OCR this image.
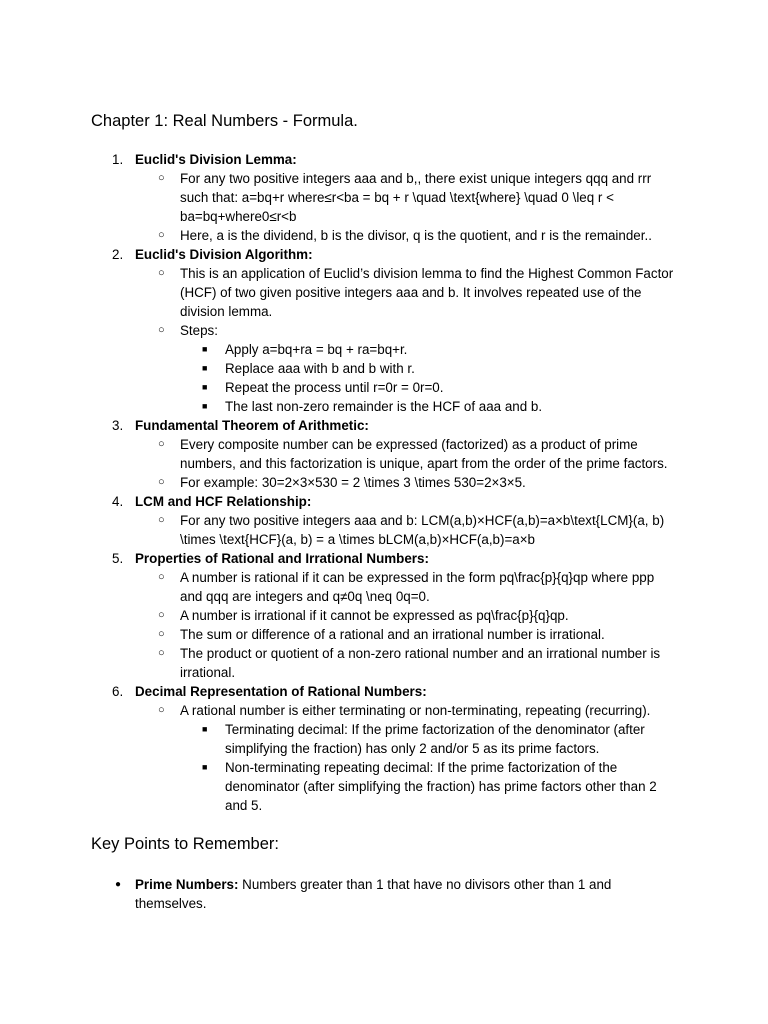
Chapter 1: Real Numbers - Formula.
1. Euclid's Division Lemma:
○ For any two positive integers aaa and b,, there exist unique integers qqq and rrr such that: a=bq+r where≤r<ba = bq + r \quad \text{where} \quad 0 \leq r < ba=bq+where0≤r<b
○ Here, a is the dividend, b is the divisor, q is the quotient, and r is the remainder..
2. Euclid's Division Algorithm:
○ This is an application of Euclid’s division lemma to find the Highest Common Factor (HCF) of two given positive integers aaa and b. It involves repeated use of the division lemma.
○ Steps:
■ Apply a=bq+ra = bq + ra=bq+r.
■ Replace aaa with b and b with r.
■ Repeat the process until r=0r = 0r=0.
■ The last non-zero remainder is the HCF of aaa and b.
3. Fundamental Theorem of Arithmetic:
○ Every composite number can be expressed (factorized) as a product of prime numbers, and this factorization is unique, apart from the order of the prime factors.
○ For example: 30=2×3×530 = 2 \times 3 \times 530=2×3×5.
4. LCM and HCF Relationship:
○ For any two positive integers aaa and b: LCM(a,b)×HCF(a,b)=a×b\text{LCM}(a, b) \times \text{HCF}(a, b) = a \times bLCM(a,b)×HCF(a,b)=a×b
5. Properties of Rational and Irrational Numbers:
○ A number is rational if it can be expressed in the form pq\frac{p}{q}qp where ppp and qqq are integers and q≠0q \neq 0q=0.
○ A number is irrational if it cannot be expressed as pq\frac{p}{q}qp.
○ The sum or difference of a rational and an irrational number is irrational.
○ The product or quotient of a non-zero rational number and an irrational number is irrational.
6. Decimal Representation of Rational Numbers:
○ A rational number is either terminating or non-terminating, repeating (recurring).
■ Terminating decimal: If the prime factorization of the denominator (after simplifying the fraction) has only 2 and/or 5 as its prime factors.
■ Non-terminating repeating decimal: If the prime factorization of the denominator (after simplifying the fraction) has prime factors other than 2 and 5.
Key Points to Remember:
● Prime Numbers: Numbers greater than 1 that have no divisors other than 1 and themselves.
